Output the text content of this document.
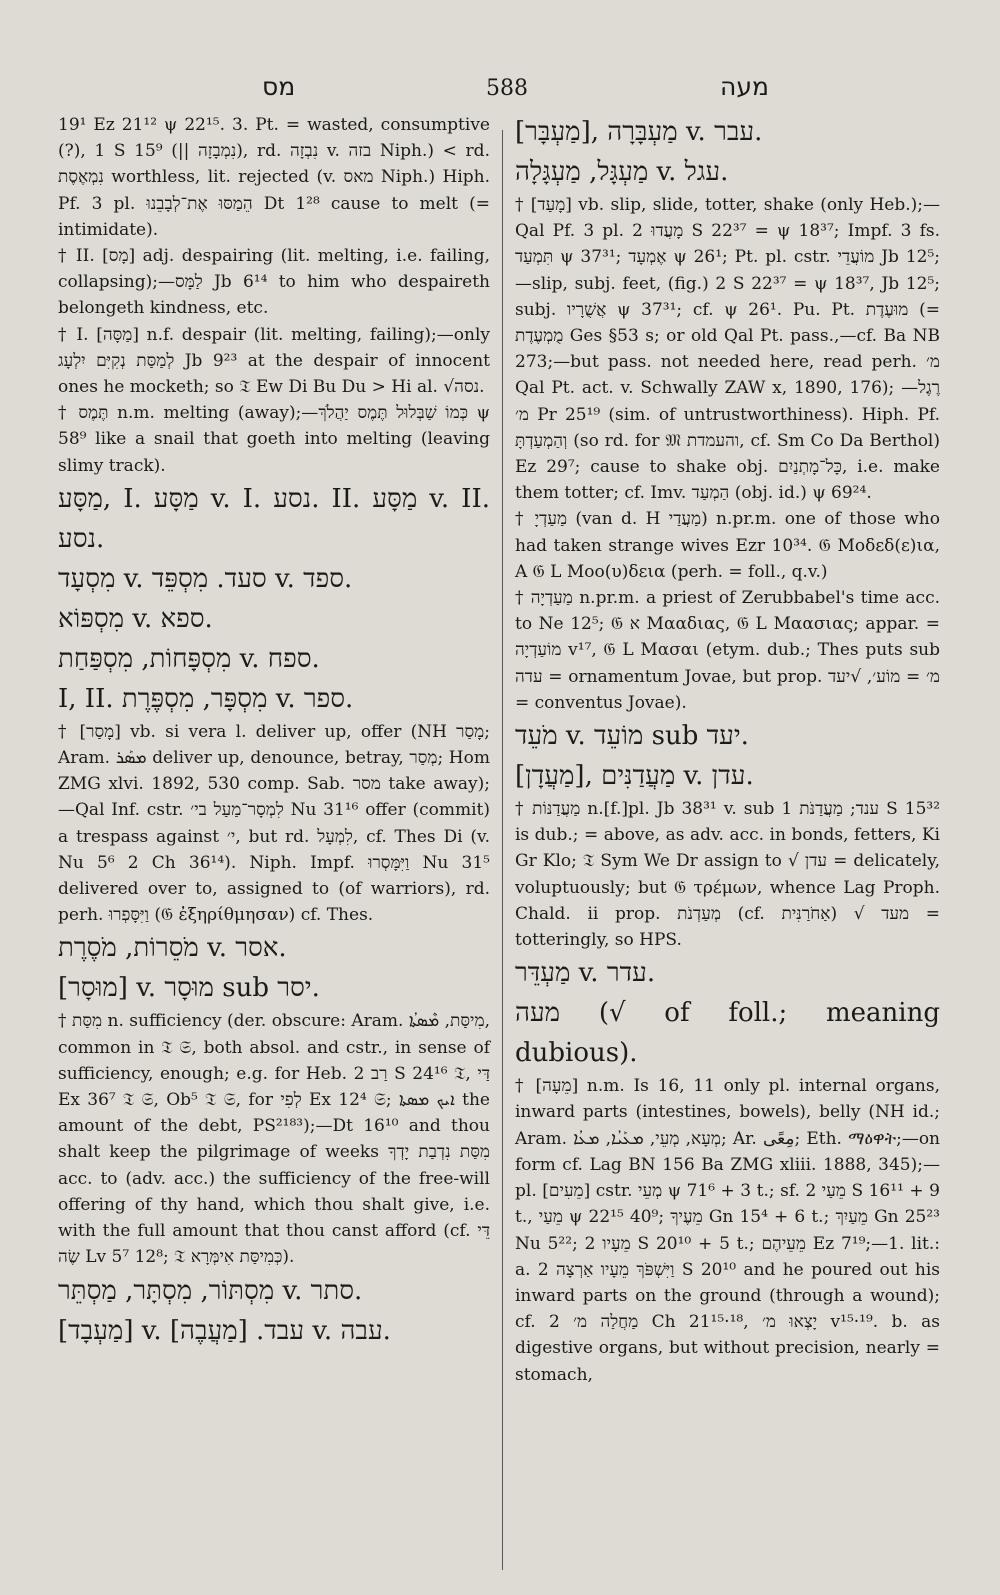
מס	588	מעה

19¹ Ez 21¹² ψ 22¹⁵. 3. Pt. = wasted, consumptive (?), 1 S 15⁹ (|| נִמְבָזָה), rd. נִבְזָה v. בזה Niph.) < rd. נִמְאֶסֶת worthless, lit. rejected (v. מאס Niph.) Hiph. Pf. 3 pl. הֵמַסּוּ אֶת־לְבָבֵנוּ Dt 1²⁸ cause to melt (= intimidate).

† II. [מָס] adj. despairing (lit. melting, i.e. failing, collapsing);—לַמָּס Jb 6¹⁴ to him who despaireth belongeth kindness, etc.

† I. [מַסָּה] n.f. despair (lit. melting, failing);—only לְמַסַּת נְקִיִּם יִלְעָג Jb 9²³ at the despair of innocent ones he mocketh; so 𝔗 Ew Di Bu Du > Hi al. √נסה.

† תֶּמֶס n.m. melting (away);—כְּמוֹ שַׁבְּלוּל תֶּמֶס יַהֲלֹךְ ψ 58⁹ like a snail that goeth into melting (leaving slimy track).

מַסָּע, I. מַסָּע v. I. נסע. II. מַסָּע v. II. נסע.

מִסְעָד v. סעד. מִסְפֵּד v. ספד.

מִסְפּוֹא v. ספא.

מִסְפָּחוֹת, מִסְפַּחַת v. ספח.

I, II. מִסְפָּר, מִסְפֶּרֶת v. ספר.

† [מָסַר] vb. si vera l. deliver up, offer (NH מָסַר; Aram. ܡܣܰܪ deliver up, denounce, betray, מְסַר; Hom ZMG xlvi. 1892, 530 comp. Sab. מסר take away);—Qal Inf. cstr. לִמְסָר־מַעַל בי׳ Nu 31¹⁶ offer (commit) a trespass against י׳, but rd. לִמְעָל, cf. Thes Di (v. Nu 5⁶ 2 Ch 36¹⁴). Niph. Impf. וַיִּמָּסְרוּ Nu 31⁵ delivered over to, assigned to (of warriors), rd. perh. וַיִּסָּפְרוּ (𝔊 ἐξηρίθμησαν) cf. Thes.

מֹסֵרוֹת, מֹסֶרֶת v. אסר.

[מוּסָר] v. מוּסָר sub יסר.

† מִסַּת n. sufficiency (der. obscure: Aram. מִיסַּת, ܡܶܣܬܳܐ, common in 𝔗 𝔖, both absol. and cstr., in sense of sufficiency, enough; e.g. for Heb. רַב 2 S 24¹⁶ 𝔗, דַּי Ex 36⁷ 𝔗 𝔖, Ob⁵ 𝔗 𝔖, for לְפִי Ex 12⁴ 𝔖; ܐܝܟ ܡܣܬܐ the amount of the debt, PS²¹⁸³);—Dt 16¹⁰ and thou shalt keep the pilgrimage of weeks מִסַּת נִדְבַת יָדְךָ acc. to (adv. acc.) the sufficiency of the free-will offering of thy hand, which thou shalt give, i.e. with the full amount that thou canst afford (cf. דֵּי שֶׂה Lv 5⁷ 12⁸; 𝔗 כְּמִיסַּת אִימְּרָא).

מִסְתּוֹר, מִסְתָּר, מַסְתֵּר v. סתר.

[מַעְבָד] v. עבד. [מַעֲבֶה] v. עבה.

[מַעְבָּר], מַעְבָּרָה v. עבר.

מַעְגָּל, מַעְגָּלָה v. עגל.

† [מָעַד] vb. slip, slide, totter, shake (only Heb.);—Qal Pf. 3 pl. מָעֲדוּ 2 S 22³⁷ = ψ 18³⁷; Impf. 3 fs. תִּמְעַד ψ 37³¹; אֶמְעָד ψ 26¹; Pt. pl. cstr. מוֹעֲדֵי Jb 12⁵;—slip, subj. feet, (fig.) 2 S 22³⁷ = ψ 18³⁷, Jb 12⁵; subj. אֲשֻׁרָיו ψ 37³¹; cf. ψ 26¹. Pu. Pt. מוּעֶדֶת (= מֻמְעֶדֶת Ges §53 s; or old Qal Pt. pass.,—cf. Ba NB 273;—but pass. not needed here, read perh. מ׳ Qal Pt. act. v. Schwally ZAW x, 1890, 176); —רֶגֶל מ׳ Pr 25¹⁹ (sim. of untrustworthiness). Hiph. Pf. וְהַמְעַדְתָּ (so rd. for 𝔐 והעמדת, cf. Sm Co Da Berthol) Ez 29⁷; cause to shake obj. כָּל־מָתְנַיִם, i.e. make them totter; cf. Imv. הַמְעַד (obj. id.) ψ 69²⁴.

† מַעַדְיָ (van d. H מַעֲדַי) n.pr.m. one of those who had taken strange wives Ezr 10³⁴. 𝔊 Μοδεδ(ε)ια, A 𝔊 L Μοο(υ)δεια (perh. = foll., q.v.)

† מַעַדְיָה n.pr.m. a priest of Zerubbabel's time acc. to Ne 12⁵; 𝔊 א Μααδιας, 𝔊 L Μαασιας; appar. = מוֹעַדְיָה v¹⁷, 𝔊 L Μασαι (etym. dub.; Thes puts sub עדה = ornamentum Jovae, but prop. מ׳ = מוֹע׳, √יעד = conventus Jovae).

מֹעֵד v. מוֹעֵד sub יעד.

[מַעֲדָן], מַעֲדַנִּים v. עדן.

† מַעֲדַנּוֹת n.[f.]pl. Jb 38³¹ v. sub ענד; מַעֲדַנֹּת 1 S 15³² is dub.; = above, as adv. acc. in bonds, fetters, Ki Gr Klo; 𝔗 Sym We Dr assign to √ עדן = delicately, voluptuously; but 𝔊 τρέμων, whence Lag Proph. Chald. ii prop. מְעַדְנֹת (cf. אַחֹרַנִּית) √ מעד = totteringly, so HPS.

מַעְדֵּר v. עדר.

מעה (√ of foll.; meaning dubious).

† [מֵעָה] n.m. Is 16, 11 only pl. internal organs, inward parts (intestines, bowels), belly (NH id.; Aram. מְעָא, מְעֵי, ܡܥܰܝܳܐ, ܡܥܳܐ; Ar. مِعًى; Eth. ማዕዋት;—on form cf. Lag BN 156 Ba ZMG xliii. 1888, 345);—pl. [מֵעִים] cstr. מְעֵי ψ 71⁶ + 3 t.; sf. מֵעַי 2 S 16¹¹ + 9 t., מֵעַי ψ 22¹⁵ 40⁹; מֵעֶיךָ Gn 15⁴ + 6 t.; מֵעַיִךְ Gn 25²³ Nu 5²²; מֵעָיו 2 S 20¹⁰ + 5 t.; מֵעֵיהֶם Ez 7¹⁹;—1. lit.: a. וַיִּשְׁפֹּךְ מֵעָיו אַרְצָה 2 S 20¹⁰ and he poured out his inward parts on the ground (through a wound); cf. מַחֲלַה מ׳ 2 Ch 21¹⁵·¹⁸, יָצְאוּ מ׳ v¹⁵·¹⁹. b. as digestive organs, but without precision, nearly = stomach,
